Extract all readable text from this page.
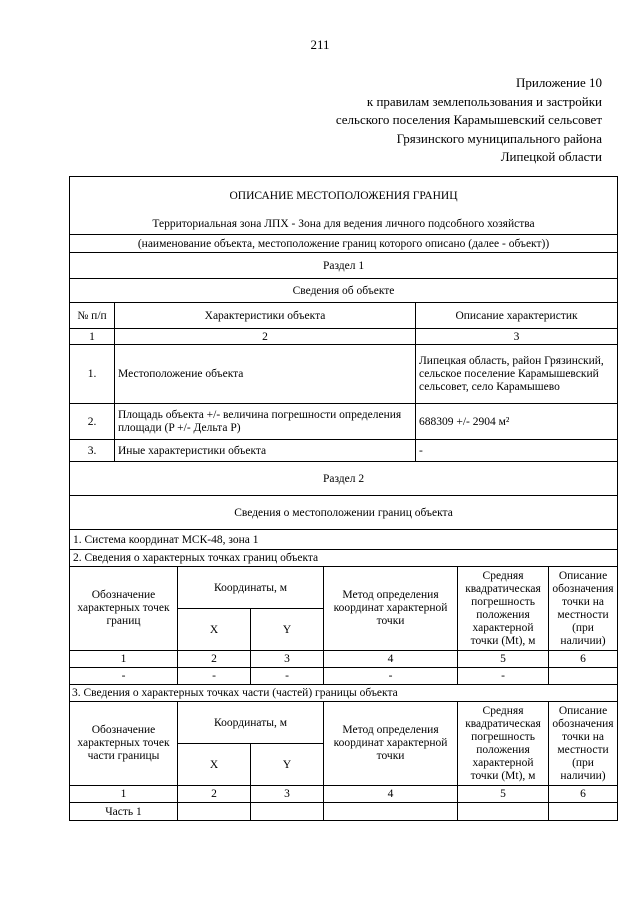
211
Приложение 10
к правилам землепользования и застройки
сельского поселения Карамышевский сельсовет
Грязинского муниципального района
Липецкой области
ОПИСАНИЕ МЕСТОПОЛОЖЕНИЯ ГРАНИЦ		
Территориальная зона ЛПХ - Зона для ведения личного подсобного хозяйства		
(наименование объекта, местоположение границ которого описано (далее - объект))		
Раздел 1		
Сведения об объекте		
№ п/п	Характеристики объекта	Описание характеристик
1	2	3
1.	Местоположение объекта	Липецкая область, район Грязинский, сельское поселение Карамышевский сельсовет, село Карамышево
2.	Площадь объекта +/- величина погрешности определения площади (P +/- Дельта P)	688309 +/- 2904 м²
3.	Иные характеристики объекта	-
Раздел 2		
Сведения о местоположении границ объекта		
1. Система координат МСК-48, зона 1		
2. Сведения о характерных точках границ объекта		
Обозначение характерных точек границ	Координаты, м		Метод определения координат характерной точки	Средняя квадратическая погрешность положения характерной точки (Mt), м	Описание обозначения точки на местности (при наличии)
	X	Y			
1	2	3	4	5	6
-	-	-	-	-	
3. Сведения о характерных точках части (частей) границы объекта					
Обозначение характерных точек части границы	Координаты, м		Метод определения координат характерной точки	Средняя квадратическая погрешность положения характерной точки (Mt), м	Описание обозначения точки на местности (при наличии)
	X	Y			
1	2	3	4	5	6
Часть 1					
